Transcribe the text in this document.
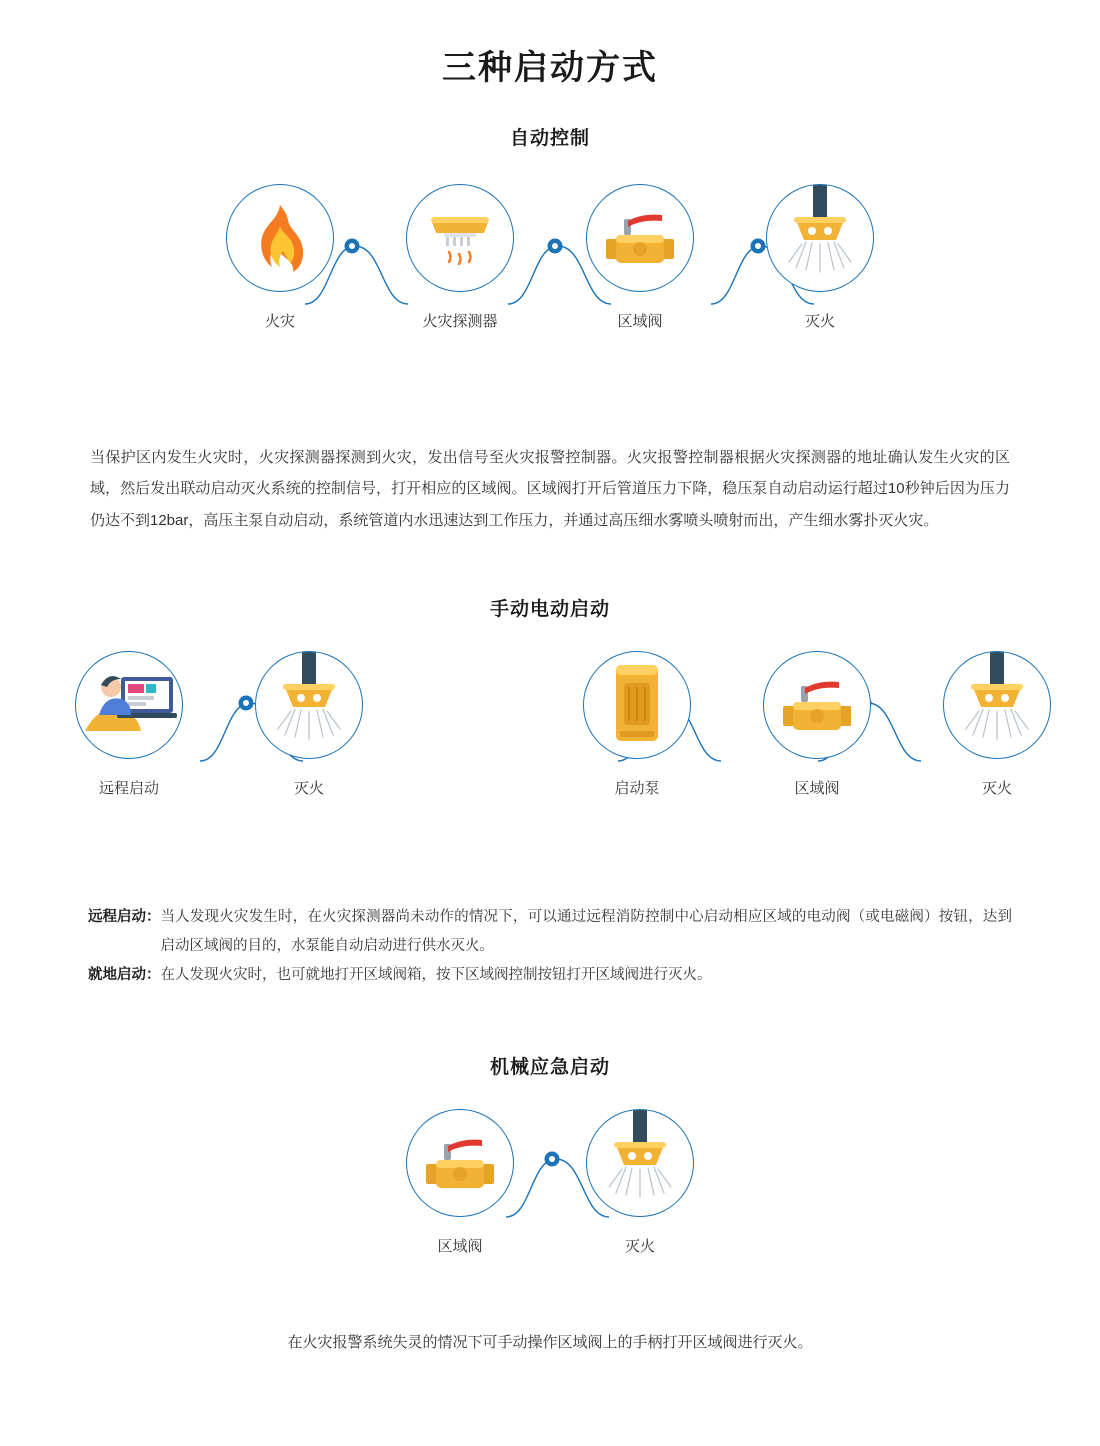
三种启动方式
自动控制
火灾	火灾探测器	区域阀	灭火
当保护区内发生火灾时，火灾探测器探测到火灾，发出信号至火灾报警控制器。火灾报警控制器根据火灾探测器的地址确认发生火灾的区域，然后发出联动启动灭火系统的控制信号，打开相应的区域阀。区域阀打开后管道压力下降，稳压泵自动启动运行超过10秒钟后因为压力仍达不到12bar，高压主泵自动启动，系统管道内水迅速达到工作压力，并通过高压细水雾喷头喷射而出，产生细水雾扑灭火灾。
手动电动启动
远程启动	灭火	启动泵	区域阀	灭火
远程启动： 当人发现火灾发生时，在火灾探测器尚未动作的情况下，可以通过远程消防控制中心启动相应区域的电动阀（或电磁阀）按钮，达到启动区域阀的目的，水泵能自动启动进行供水灭火。
就地启动： 在人发现火灾时，也可就地打开区域阀箱，按下区域阀控制按钮打开区域阀进行灭火。
机械应急启动
区域阀	灭火
在火灾报警系统失灵的情况下可手动操作区域阀上的手柄打开区域阀进行灭火。
